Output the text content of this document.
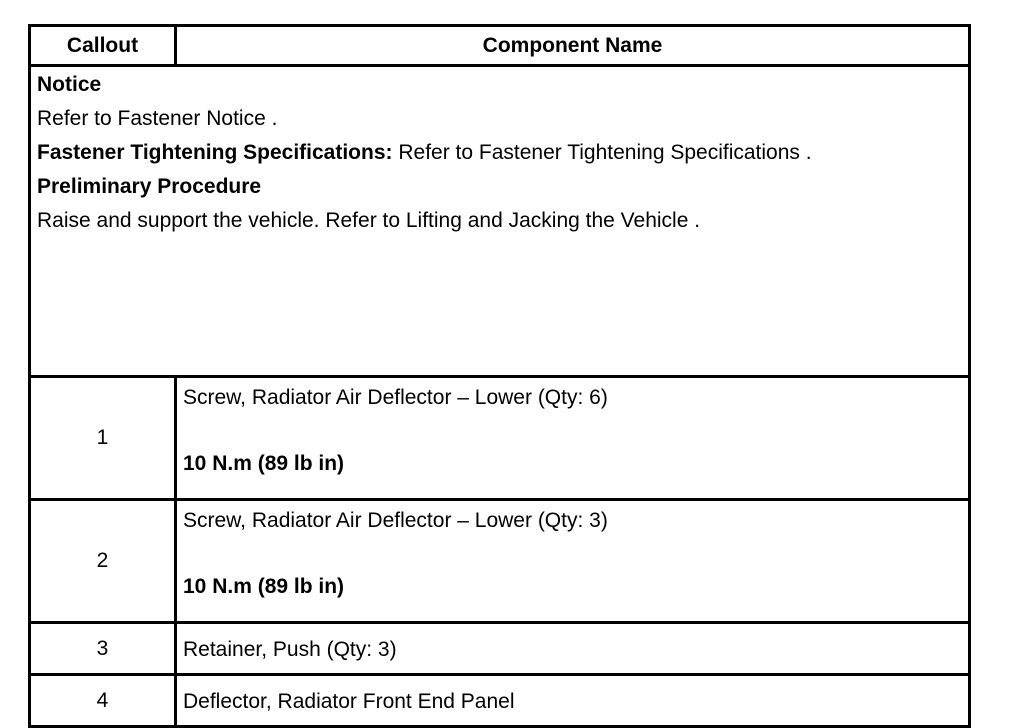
Callout	Component Name

Notice

Refer to Fastener Notice .

Fastener Tightening Specifications: Refer to Fastener Tightening Specifications .

Preliminary Procedure

Raise and support the vehicle. Refer to Lifting and Jacking the Vehicle .	

1	Screw, Radiator Air Deflector – Lower (Qty: 6)
10 N.m (89 lb in)

2	Screw, Radiator Air Deflector – Lower (Qty: 3)
10 N.m (89 lb in)

3	Retainer, Push (Qty: 3)
4	Deflector, Radiator Front End Panel
